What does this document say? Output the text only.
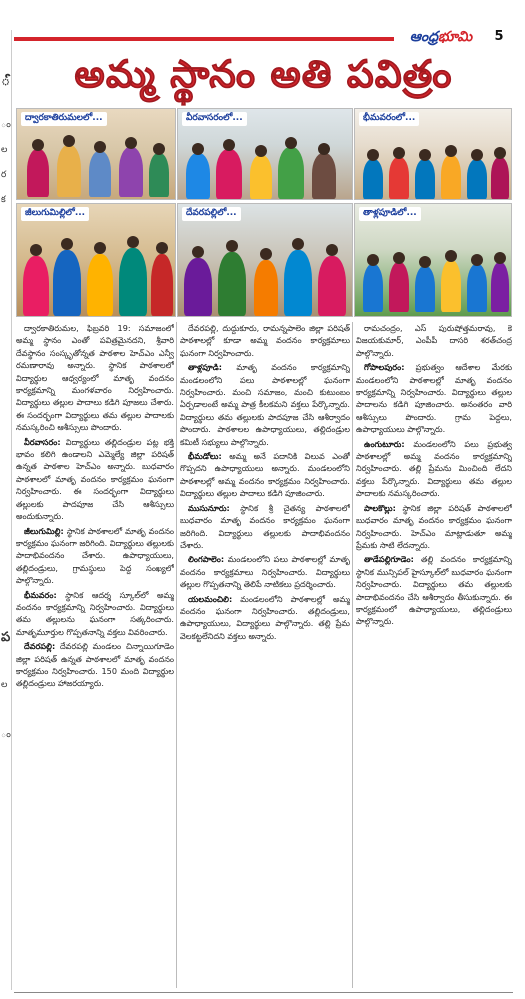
ౕ
ం
ల
ర
క
ప
ల
ం
ఆంధ్రభూమి	5
అమ్మ స్థానం అతి పవిత్రం
ద్వారకాతిరుమలలో...	వీరవాసరంలో...	భీమవరంలో...
జీలుగుమిల్లిలో...	దేవరపల్లిలో...	తాళ్లపూడిలో...

ద్వారకాతిరుమల, ఫిబ్రవరి 19: సమాజంలో అమ్మ స్థానం ఎంతో పవిత్రమైనదని, శ్రీవారి దేవస్థానం సంస్కృతోన్నత పాఠశాల హెచ్‌ఎం ఎన్వీ రమణారావు అన్నారు. స్థానిక పాఠశాలలో విద్యార్థుల ఆధ్వర్యంలో మాతృ వందనం కార్యక్రమాన్ని మంగళవారం నిర్వహించారు. విద్యార్థులు తల్లుల పాదాలు కడిగి పూజలు చేశారు. ఈ సందర్భంగా విద్యార్థులు తమ తల్లుల పాదాలకు నమస్కరించి ఆశీస్సులు పొందారు.

వీరవాసరం: విద్యార్థులు తల్లిదండ్రుల పట్ల భక్తి భావం కలిగి ఉండాలని ఎమ్మెల్యే జిల్లా పరిషత్ ఉన్నత పాఠశాల హెచ్‌ఎం అన్నారు. బుధవారం పాఠశాలలో మాతృ వందనం కార్యక్రమం ఘనంగా నిర్వహించారు. ఈ సందర్భంగా విద్యార్థులు తల్లులకు పాదపూజ చేసి ఆశీస్సులు అందుకున్నారు.

జీలుగుమిల్లి: స్థానిక పాఠశాలలో మాతృ వందనం కార్యక్రమం ఘనంగా జరిగింది. విద్యార్థులు తల్లులకు పాదాభివందనం చేశారు. ఉపాధ్యాయులు, తల్లిదండ్రులు, గ్రామస్థులు పెద్ద సంఖ్యలో పాల్గొన్నారు.

భీమవరం: స్థానిక ఆదర్శ స్కూల్‌లో అమ్మ వందనం కార్యక్రమాన్ని నిర్వహించారు. విద్యార్థులు తమ తల్లులను ఘనంగా సత్కరించారు. మాతృమూర్తుల గొప్పతనాన్ని వక్తలు వివరించారు.

దేవరపల్లి: దేవరపల్లి మండలం చిన్నాయిగూడెం జిల్లా పరిషత్ ఉన్నత పాఠశాలలో మాతృ వందనం కార్యక్రమం నిర్వహించారు. 150 మంది విద్యార్థుల తల్లిదండ్రులు హాజరయ్యారు.

దేవరపల్లి, దుద్దుకూరు, రామన్నపాలెం జిల్లా పరిషత్ పాఠశాలల్లో కూడా అమ్మ వందనం కార్యక్రమాలు ఘనంగా నిర్వహించారు.

తాళ్లపూడి: మాతృ వందనం కార్యక్రమాన్ని మండలంలోని పలు పాఠశాలల్లో ఘనంగా నిర్వహించారు. మంచి సమాజం, మంచి కుటుంబం ఏర్పడాలంటే అమ్మ పాత్ర కీలకమని వక్తలు పేర్కొన్నారు. విద్యార్థులు తమ తల్లులకు పాదపూజ చేసి ఆశీర్వాదం పొందారు. పాఠశాలల ఉపాధ్యాయులు, తల్లిదండ్రుల కమిటీ సభ్యులు పాల్గొన్నారు.

భీమడోలు: అమ్మ అనే పదానికి విలువ ఎంతో గొప్పదని ఉపాధ్యాయులు అన్నారు. మండలంలోని పాఠశాలల్లో అమ్మ వందనం కార్యక్రమం నిర్వహించారు. విద్యార్థులు తల్లుల పాదాలు కడిగి పూజించారు.

ముసునూరు: స్థానిక శ్రీ చైతన్య పాఠశాలలో బుధవారం మాతృ వందనం కార్యక్రమం ఘనంగా జరిగింది. విద్యార్థులు తల్లులకు పాదాభివందనం చేశారు.

లింగపాలెం: మండలంలోని పలు పాఠశాలల్లో మాతృ వందనం కార్యక్రమాలు నిర్వహించారు. విద్యార్థులు తల్లుల గొప్పతనాన్ని తెలిపే నాటికలు ప్రదర్శించారు.

యలమంచిలి: మండలంలోని పాఠశాలల్లో అమ్మ వందనం ఘనంగా నిర్వహించారు. తల్లిదండ్రులు, ఉపాధ్యాయులు, విద్యార్థులు పాల్గొన్నారు. తల్లి ప్రేమ వెలకట్టలేనిదని వక్తలు అన్నారు.

రామచంద్రం, ఎస్ పురుషోత్తమరావు, కె విజయకుమార్, ఎంపీపీ దాసరి శరత్‌చంద్ర పాల్గొన్నారు.

గోపాలపురం: ప్రభుత్వం ఆదేశాల మేరకు మండలంలోని పాఠశాలల్లో మాతృ వందనం కార్యక్రమాన్ని నిర్వహించారు. విద్యార్థులు తల్లుల పాదాలను కడిగి పూజించారు. అనంతరం వారి ఆశీస్సులు పొందారు. గ్రామ పెద్దలు, ఉపాధ్యాయులు పాల్గొన్నారు.

ఉంగుటూరు: మండలంలోని పలు ప్రభుత్వ పాఠశాలల్లో అమ్మ వందనం కార్యక్రమాన్ని నిర్వహించారు. తల్లి ప్రేమను మించింది లేదని వక్తలు పేర్కొన్నారు. విద్యార్థులు తమ తల్లుల పాదాలకు నమస్కరించారు.

పాలకొల్లు: స్థానిక జిల్లా పరిషత్ పాఠశాలలో బుధవారం మాతృ వందనం కార్యక్రమం ఘనంగా నిర్వహించారు. హెచ్‌ఎం మాట్లాడుతూ అమ్మ ప్రేమకు సాటి లేదన్నారు.

తాడేపల్లిగూడెం: తల్లి వందనం కార్యక్రమాన్ని స్థానిక మున్సిపల్ హైస్కూల్‌లో బుధవారం ఘనంగా నిర్వహించారు. విద్యార్థులు తమ తల్లులకు పాదాభివందనం చేసి ఆశీర్వాదం తీసుకున్నారు. ఈ కార్యక్రమంలో ఉపాధ్యాయులు, తల్లిదండ్రులు పాల్గొన్నారు.
